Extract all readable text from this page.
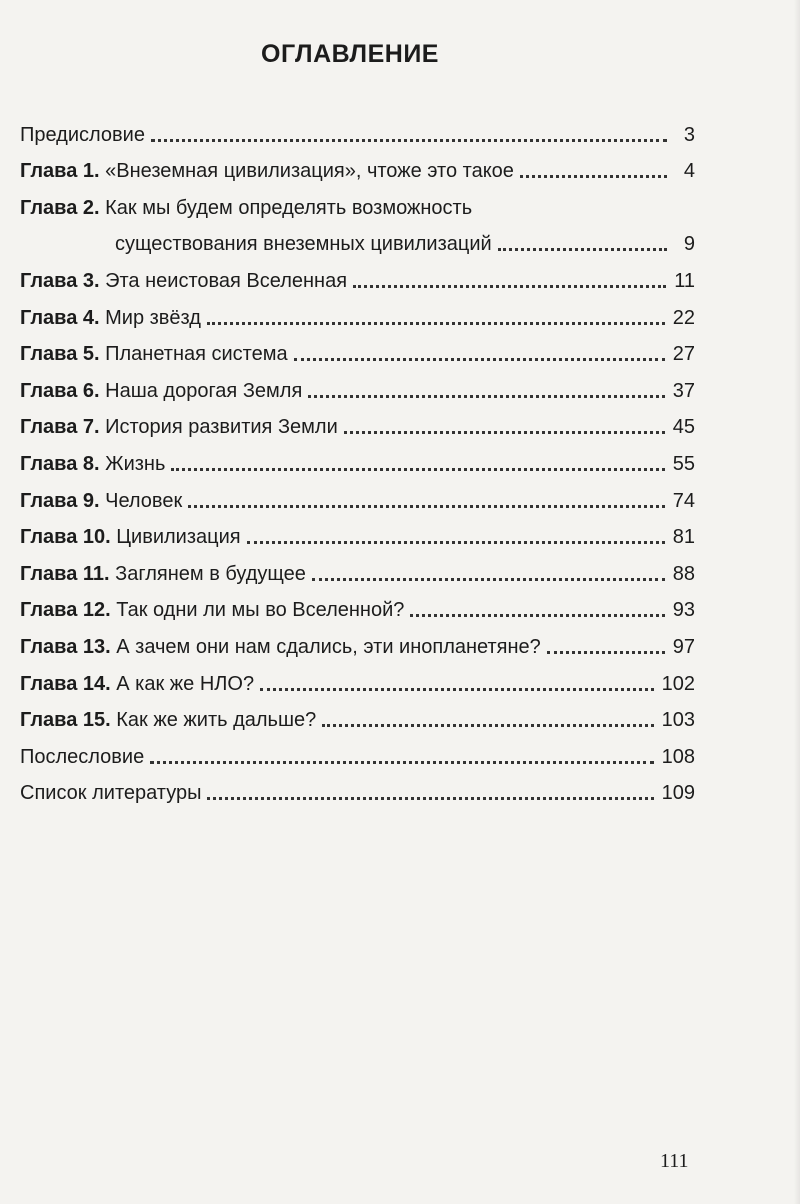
ОГЛАВЛЕНИЕ
Предисловие	3
Глава 1. «Внеземная цивилизация», чтоже это такое	4
Глава 2. Как мы будем определять возможность
существования внеземных цивилизаций	9
Глава 3. Эта неистовая Вселенная	11
Глава 4. Мир звёзд	22
Глава 5. Планетная система	27
Глава 6. Наша дорогая Земля	37
Глава 7. История развития Земли	45
Глава 8. Жизнь	55
Глава 9. Человек	74
Глава 10. Цивилизация	81
Глава 11. Заглянем в будущее	88
Глава 12. Так одни ли мы во Вселенной?	93
Глава 13. А зачем они нам сдались, эти инопланетяне?	97
Глава 14. А как же НЛО?	102
Глава 15. Как же жить дальше?	103
Послесловие	108
Список литературы	109
111
